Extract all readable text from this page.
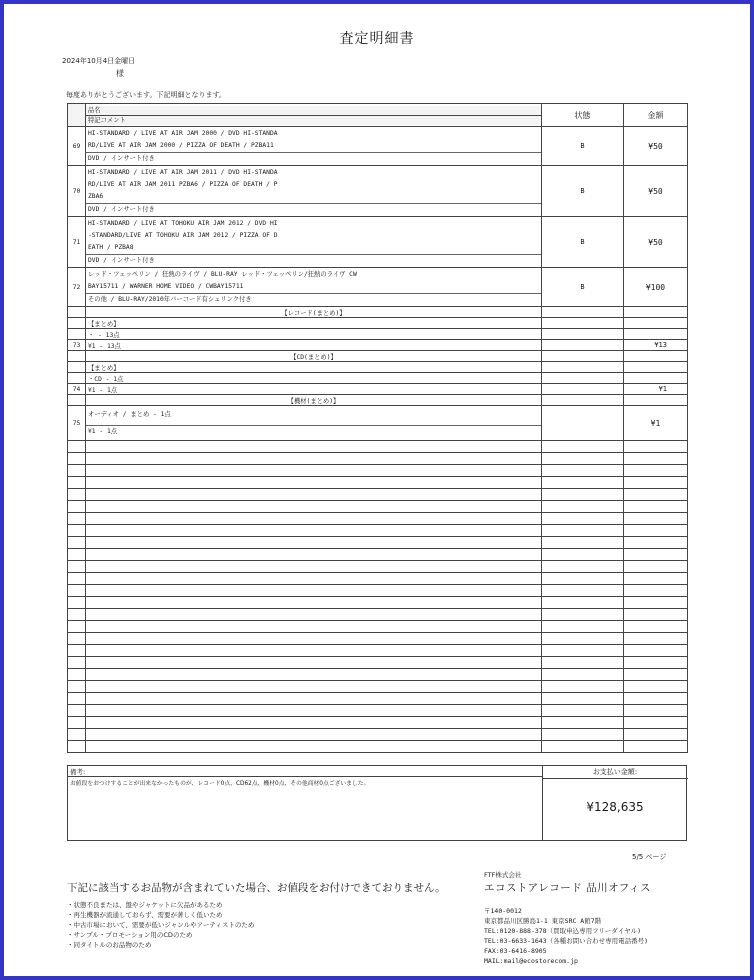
査定明細書
2024年10月4日金曜日
様
毎度ありがとうございます。下記明細となります。

	品名
特記コメント	状態	金額
69	HI-STANDARD / LIVE AT AIR JAM 2000 / DVD HI-STANDA
RD/LIVE AT AIR JAM 2000 / PIZZA OF DEATH / PZBA11
DVD / インサート付き	B	¥50
70	HI-STANDARD / LIVE AT AIR JAM 2011 / DVD HI-STANDA
RD/LIVE AT AIR JAM 2011 PZBA6 / PIZZA OF DEATH / P
ZBA6
DVD / インサート付き	B	¥50
71	HI-STANDARD / LIVE AT TOHOKU AIR JAM 2012 / DVD HI
-STANDARD/LIVE AT TOHOKU AIR JAM 2012 / PIZZA OF D
EATH / PZBA8
DVD / インサート付き	B	¥50
72	レッド・ツェッペリン / 狂熱のライヴ / BLU-RAY レッド・ツェッペリン/狂熱のライヴ CW
BAY15711 / WARNER HOME VIDEO / CWBAY15711
その他 / BLU-RAY/2010年バーコード有シュリンク付き	B	¥100
	【レコード(まとめ)】		
	【まとめ】		
	・ - 13点		
73	¥1 - 13点		¥13
	【CD(まとめ)】		
	【まとめ】		
	・CD - 1点		
74	¥1 - 1点		¥1
	【機材(まとめ)】		
75	オーディオ / まとめ - 1点
¥1 - 1点		¥1

備考:
お値段をおつけすることが出来なかったものが、レコード0点、CD62点、機材0点、その他商材0点ございました。
お支払い金額:
¥128,635
5/5 ページ
下記に該当するお品物が含まれていた場合、お値段をお付けできておりません。
・状態不良または、盤やジャケットに欠品があるため
・再生機器が流通しておらず、需要が著しく低いため
・中古市場において、需要が低いジャンルやアーティストのため
・サンプル・プロモーション用のCDのため
・同タイトルのお品物のため
FTF株式会社
エコストアレコード 品川オフィス
〒140-0012
東京都品川区勝島1-1 東京SRC A館7階
TEL:0120-888-378（買取申込専用フリーダイヤル)
TEL:03-6633-1643（各種お問い合わせ専用電話番号)
FAX:03-6416-8905
MAIL:mail@ecostorecom.jp
